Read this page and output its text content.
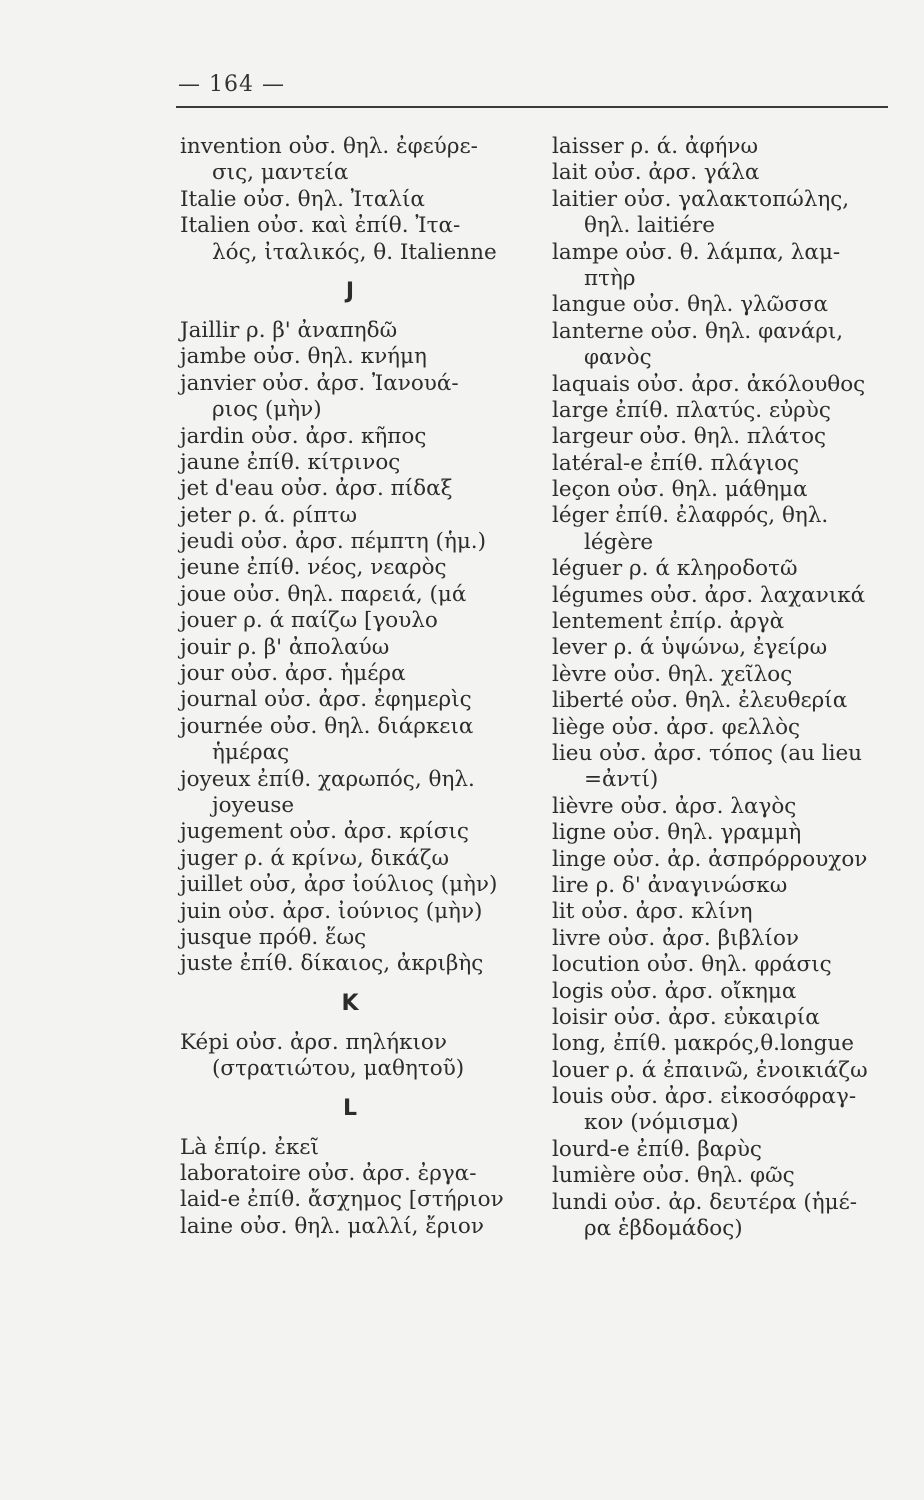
— 164 —
invention οὐσ. θηλ. ἐφεύρε-
σις, μαντεία
Italie οὐσ. θηλ. Ἰταλία
Italien οὐσ. καὶ ἐπίθ. Ἰτα-
λός, ἰταλικός, θ. Italienne
J
Jaillir ρ. β' ἀναπηδῶ
jambe οὐσ. θηλ. κνήμη
janvier οὐσ. ἀρσ. Ἰανουά-
ριος (μὴν)
jardin οὐσ. ἀρσ. κῆπος
jaune ἐπίθ. κίτρινος
jet d'eau οὐσ. ἀρσ. πίδαξ
jeter ρ. ά. ρίπτω
jeudi οὐσ. ἀρσ. πέμπτη (ἡμ.)
jeune ἐπίθ. νέος, νεαρὸς
joue οὐσ. θηλ. παρειά, (μά
jouer ρ. ά παίζω [γουλο
jouir ρ. β' ἀπολαύω
jour οὐσ. ἀρσ. ἡμέρα
journal οὐσ. ἀρσ. ἐφημερὶς
journée οὐσ. θηλ. διάρκεια
ἡμέρας
joyeux ἐπίθ. χαρωπός, θηλ.
joyeuse
jugement οὐσ. ἀρσ. κρίσις
juger ρ. ά κρίνω, δικάζω
juillet οὐσ, ἀρσ ἰούλιος (μὴν)
juin οὐσ. ἀρσ. ἰούνιος (μὴν)
jusque πρόθ. ἕως
juste ἐπίθ. δίκαιος, ἀκριβὴς
K
Képi οὐσ. ἀρσ. πηλήκιον
(στρατιώτου, μαθητοῦ)
L
Là ἐπίρ. ἐκεῖ
laboratoire οὐσ. ἀρσ. ἐργα-
laid-e ἐπίθ. ἄσχημος [στήριον
laine οὐσ. θηλ. μαλλί, ἔριον
laisser ρ. ά. ἀφήνω
lait οὐσ. ἀρσ. γάλα
laitier οὐσ. γαλακτοπώλης,
θηλ. laitiére
lampe οὐσ. θ. λάμπα, λαμ-
πτὴρ
langue οὐσ. θηλ. γλῶσσα
lanterne οὐσ. θηλ. φανάρι,
φανὸς
laquais οὐσ. ἀρσ. ἀκόλουθος
large ἐπίθ. πλατύς. εὐρὺς
largeur οὐσ. θηλ. πλάτος
latéral-e ἐπίθ. πλάγιος
leçon οὐσ. θηλ. μάθημα
léger ἐπίθ. ἐλαφρός, θηλ.
légère
léguer ρ. ά κληροδοτῶ
légumes οὐσ. ἀρσ. λαχανικά
lentement ἐπίρ. ἀργὰ
lever ρ. ά ὑψώνω, ἐγείρω
lèvre οὐσ. θηλ. χεῖλος
liberté οὐσ. θηλ. ἐλευθερία
liège οὐσ. ἀρσ. φελλὸς
lieu οὐσ. ἀρσ. τόπος (au lieu
=ἀντί)
lièvre οὐσ. ἀρσ. λαγὸς
ligne οὐσ. θηλ. γραμμὴ
linge οὐσ. ἀρ. ἀσπρόρρουχον
lire ρ. δ' ἀναγινώσκω
lit οὐσ. ἀρσ. κλίνη
livre οὐσ. ἀρσ. βιβλίον
locution οὐσ. θηλ. φράσις
logis οὐσ. ἀρσ. οἴκημα
loisir οὐσ. ἀρσ. εὐκαιρία
long, ἐπίθ. μακρός,θ.longue
louer ρ. ά ἐπαινῶ, ἐνοικιάζω
louis οὐσ. ἀρσ. εἰκοσόφραγ-
κον (νόμισμα)
lourd-e ἐπίθ. βαρὺς
lumière οὐσ. θηλ. φῶς
lundi οὐσ. ἀρ. δευτέρα (ἡμέ-
ρα ἑβδομάδος)
